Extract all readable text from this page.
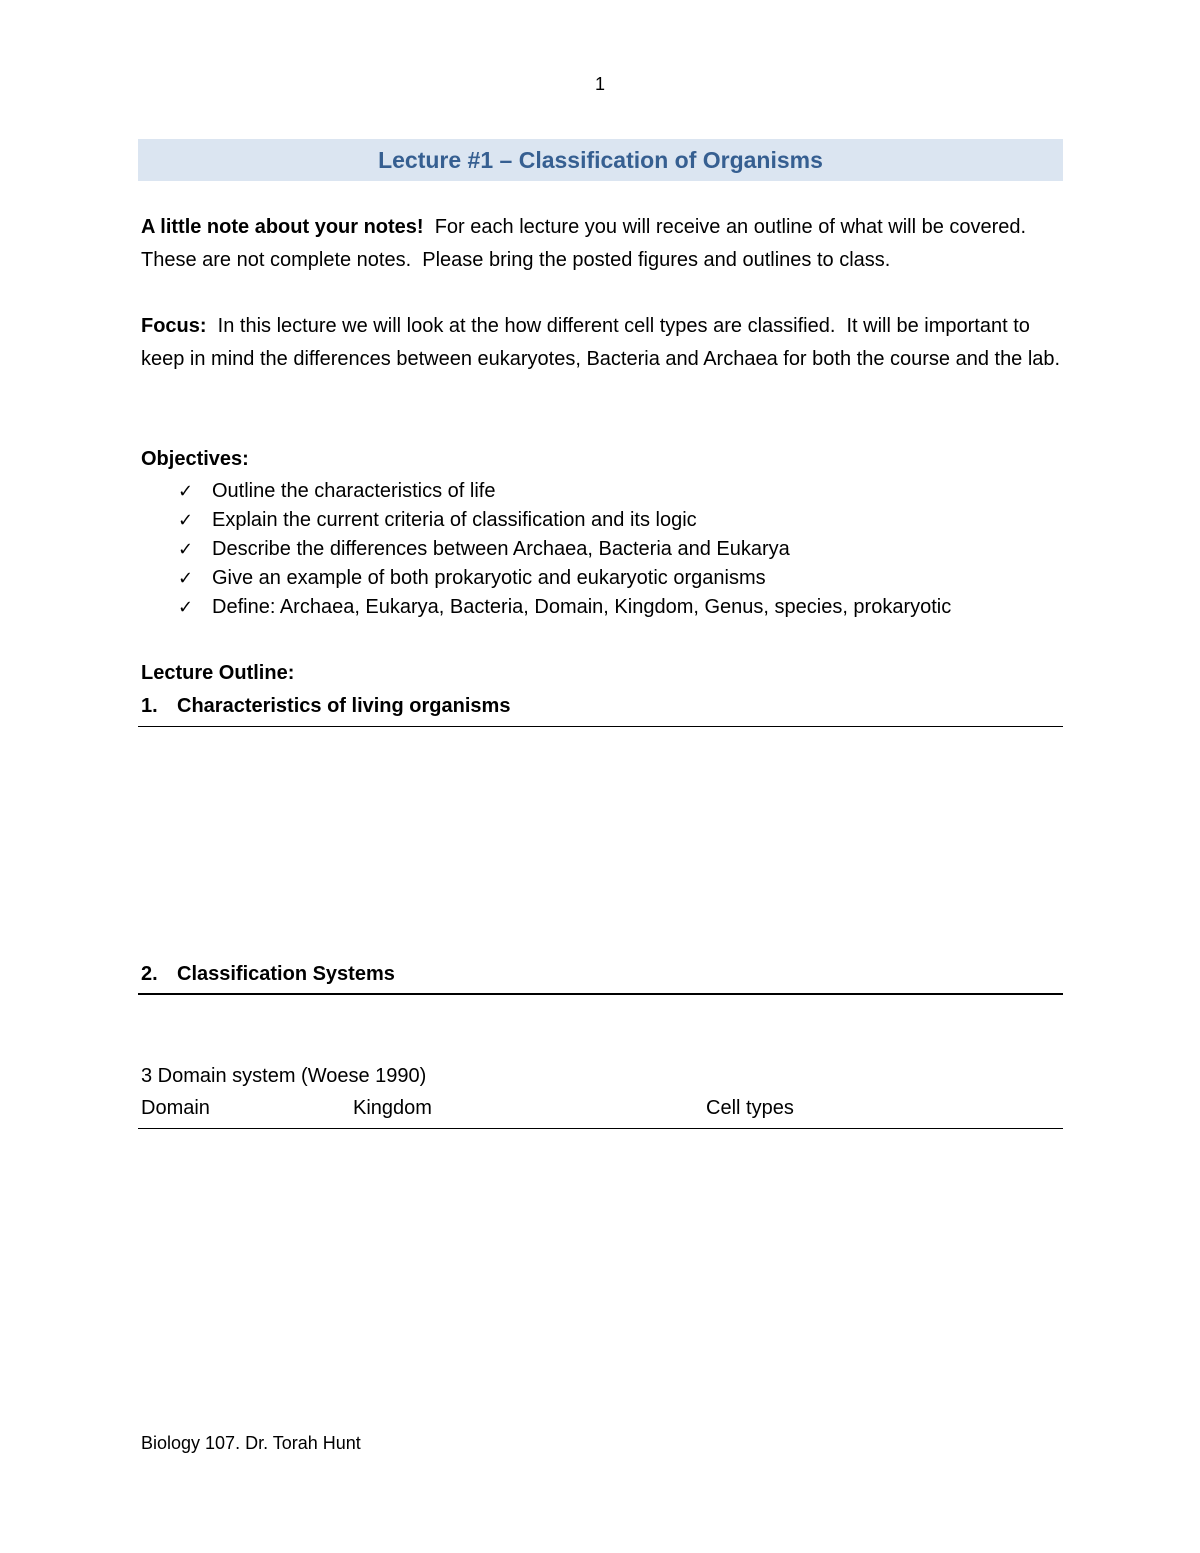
1
Lecture #1 – Classification of Organisms

A little note about your notes!  For each lecture you will receive an outline of what will be covered.  These are not complete notes.  Please bring the posted figures and outlines to class.

Focus:  In this lecture we will look at the how different cell types are classified.  It will be important to keep in mind the differences between eukaryotes, Bacteria and Archaea for both the course and the lab.

Objectives:
✓ Outline the characteristics of life
✓ Explain the current criteria of classification and its logic
✓ Describe the differences between Archaea, Bacteria and Eukarya
✓ Give an example of both prokaryotic and eukaryotic organisms
✓ Define: Archaea, Eukarya, Bacteria, Domain, Kingdom, Genus, species, prokaryotic
Lecture Outline:
1. Characteristics of living organisms
2. Classification Systems
3 Domain system (Woese 1990)
Domain	Kingdom	Cell types
Biology 107. Dr. Torah Hunt
